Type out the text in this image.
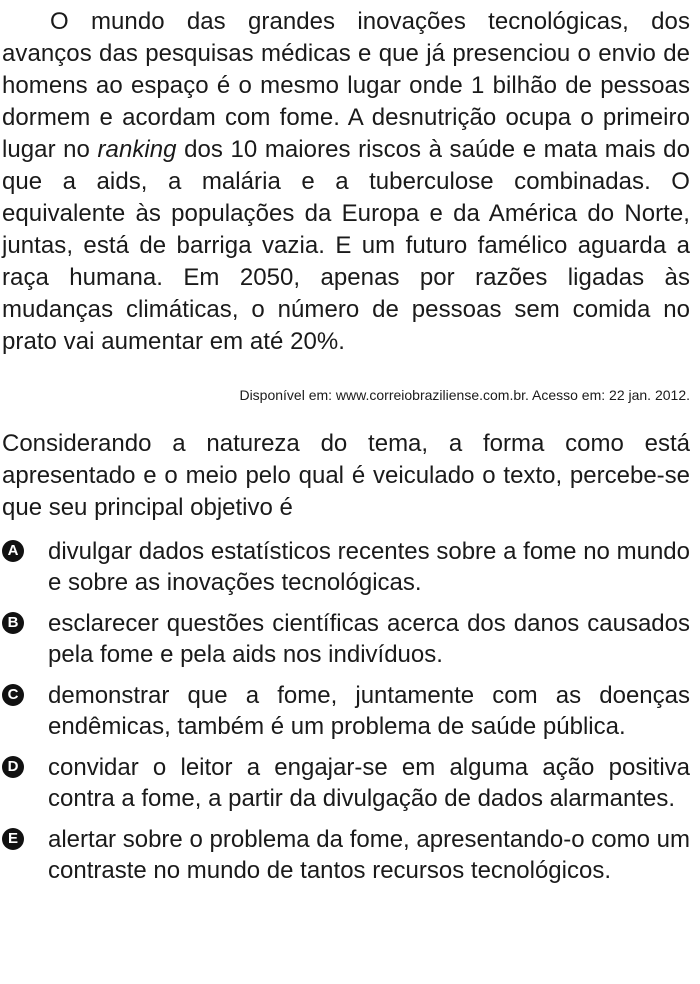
O mundo das grandes inovações tecnológicas, dos avanços das pesquisas médicas e que já presenciou o envio de homens ao espaço é o mesmo lugar onde 1 bilhão de pessoas dormem e acordam com fome. A desnutrição ocupa o primeiro lugar no ranking dos 10 maiores riscos à saúde e mata mais do que a aids, a malária e a tuberculose combinadas. O equivalente às populações da Europa e da América do Norte, juntas, está de barriga vazia. E um futuro famélico aguarda a raça humana. Em 2050, apenas por razões ligadas às mudanças climáticas, o número de pessoas sem comida no prato vai aumentar em até 20%.

Disponível em: www.correiobraziliense.com.br. Acesso em: 22 jan. 2012.

Considerando a natureza do tema, a forma como está apresentado e o meio pelo qual é veiculado o texto, percebe-se que seu principal objetivo é

A divulgar dados estatísticos recentes sobre a fome no mundo e sobre as inovações tecnológicas.
B esclarecer questões científicas acerca dos danos causados pela fome e pela aids nos indivíduos.
C demonstrar que a fome, juntamente com as doenças endêmicas, também é um problema de saúde pública.
D convidar o leitor a engajar-se em alguma ação positiva contra a fome, a partir da divulgação de dados alarmantes.
E alertar sobre o problema da fome, apresentando-o como um contraste no mundo de tantos recursos tecnológicos.
